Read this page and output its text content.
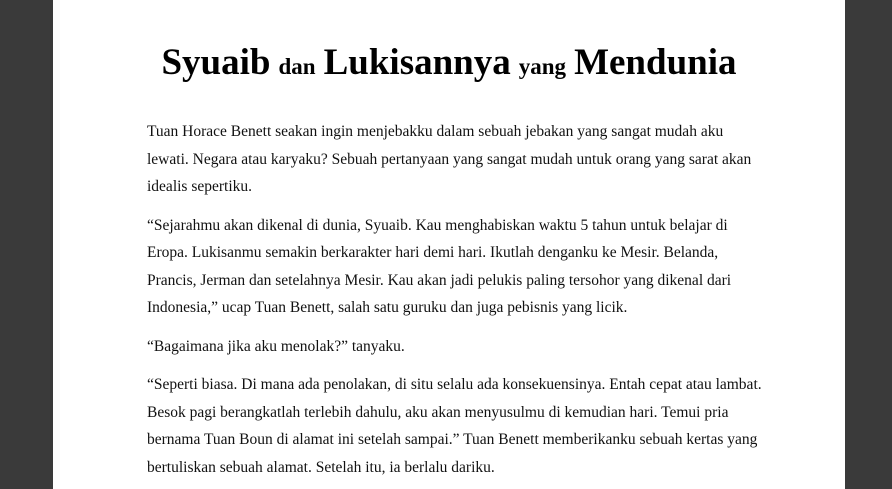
Syuaib dan Lukisannya yang Mendunia

Tuan Horace Benett seakan ingin menjebakku dalam sebuah jebakan yang sangat mudah aku lewati. Negara atau karyaku? Sebuah pertanyaan yang sangat mudah untuk orang yang sarat akan idealis sepertiku.

“Sejarahmu akan dikenal di dunia, Syuaib. Kau menghabiskan waktu 5 tahun untuk belajar di Eropa. Lukisanmu semakin berkarakter hari demi hari. Ikutlah denganku ke Mesir. Belanda, Prancis, Jerman dan setelahnya Mesir. Kau akan jadi pelukis paling tersohor yang dikenal dari Indonesia,” ucap Tuan Benett, salah satu guruku dan juga pebisnis yang licik.

“Bagaimana jika aku menolak?” tanyaku.

“Seperti biasa. Di mana ada penolakan, di situ selalu ada konsekuensinya. Entah cepat atau lambat. Besok pagi berangkatlah terlebih dahulu, aku akan menyusulmu di kemudian hari. Temui pria bernama Tuan Boun di alamat ini setelah sampai.” Tuan Benett memberikanku sebuah kertas yang bertuliskan sebuah alamat. Setelah itu, ia berlalu dariku.
